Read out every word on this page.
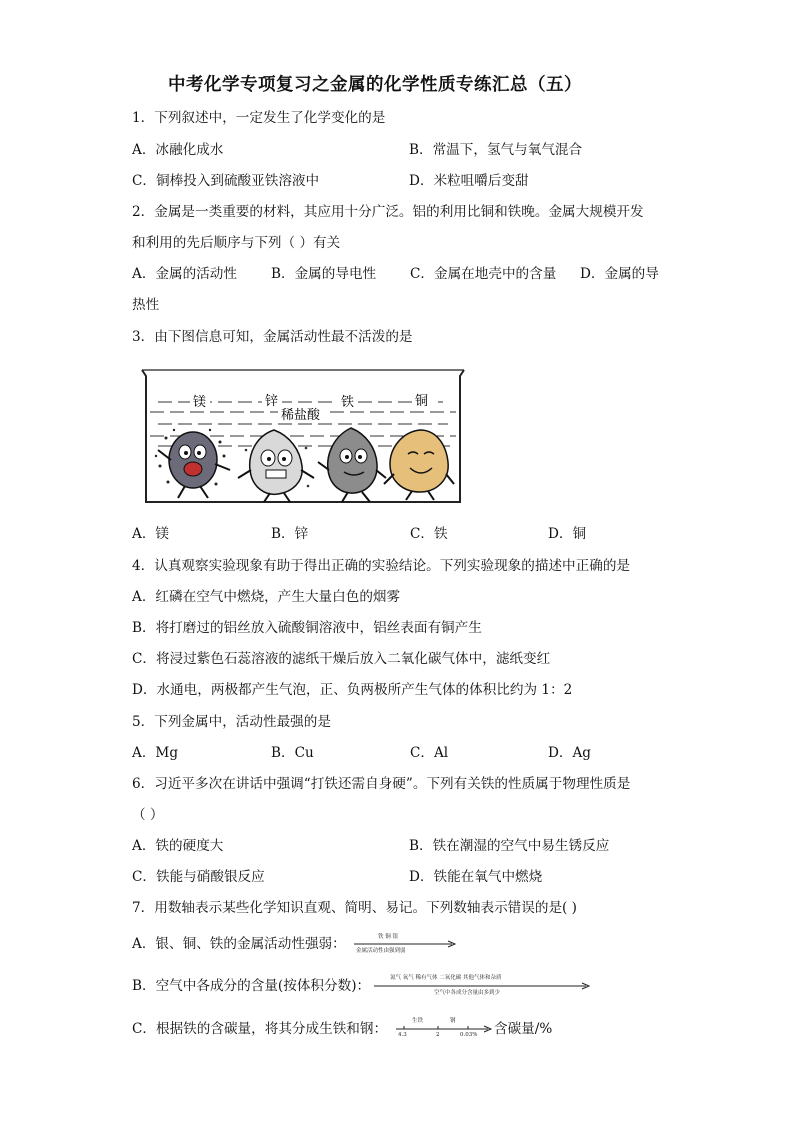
中考化学专项复习之金属的化学性质专练汇总（五）
1．下列叙述中，一定发生了化学变化的是
A．冰融化成水	B．常温下，氢气与氧气混合
C．铜棒投入到硫酸亚铁溶液中	D．米粒咀嚼后变甜
2．金属是一类重要的材料，其应用十分广泛。铝的利用比铜和铁晚。金属大规模开发
和利用的先后顺序与下列（ ）有关
A．金属的活动性	B．金属的导电性 C．金属在地壳中的含量 D．金属的导
热性
3．由下图信息可知，金属活动性最不活泼的是
镁	锌	铁	铜
稀盐酸
A．镁	B．锌	C．铁	D．铜
4．认真观察实验现象有助于得出正确的实验结论。下列实验现象的描述中正确的是
A．红磷在空气中燃烧，产生大量白色的烟雾
B．将打磨过的铝丝放入硫酸铜溶液中，铝丝表面有铜产生
C．将浸过紫色石蕊溶液的滤纸干燥后放入二氧化碳气体中，滤纸变红
D．水通电，两极都产生气泡，正、负两极所产生气体的体积比约为 1：2
5．下列金属中，活动性最强的是
A．Mg	B．Cu	C．Al	D．Ag
6．习近平多次在讲话中强调“打铁还需自身硬”。下列有关铁的性质属于物理性质是
（ ）
A．铁的硬度大	B．铁在潮湿的空气中易生锈反应
C．铁能与硝酸银反应	D．铁能在氧气中燃烧
7．用数轴表示某些化学知识直观、简明、易记。下列数轴表示错误的是( )
A．银、铜、铁的金属活动性强弱：	铁 铜 银
金属活动性由强到弱
B．空气中各成分的含量(按体积分数)：	氮气 氧气 稀有气体 二氧化碳 其他气体和杂质
空气中各成分含量由多到少
C．根据铁的含碳量，将其分成生铁和钢：	生铁	钢
4.3	2	0.03% 含碳量/%
